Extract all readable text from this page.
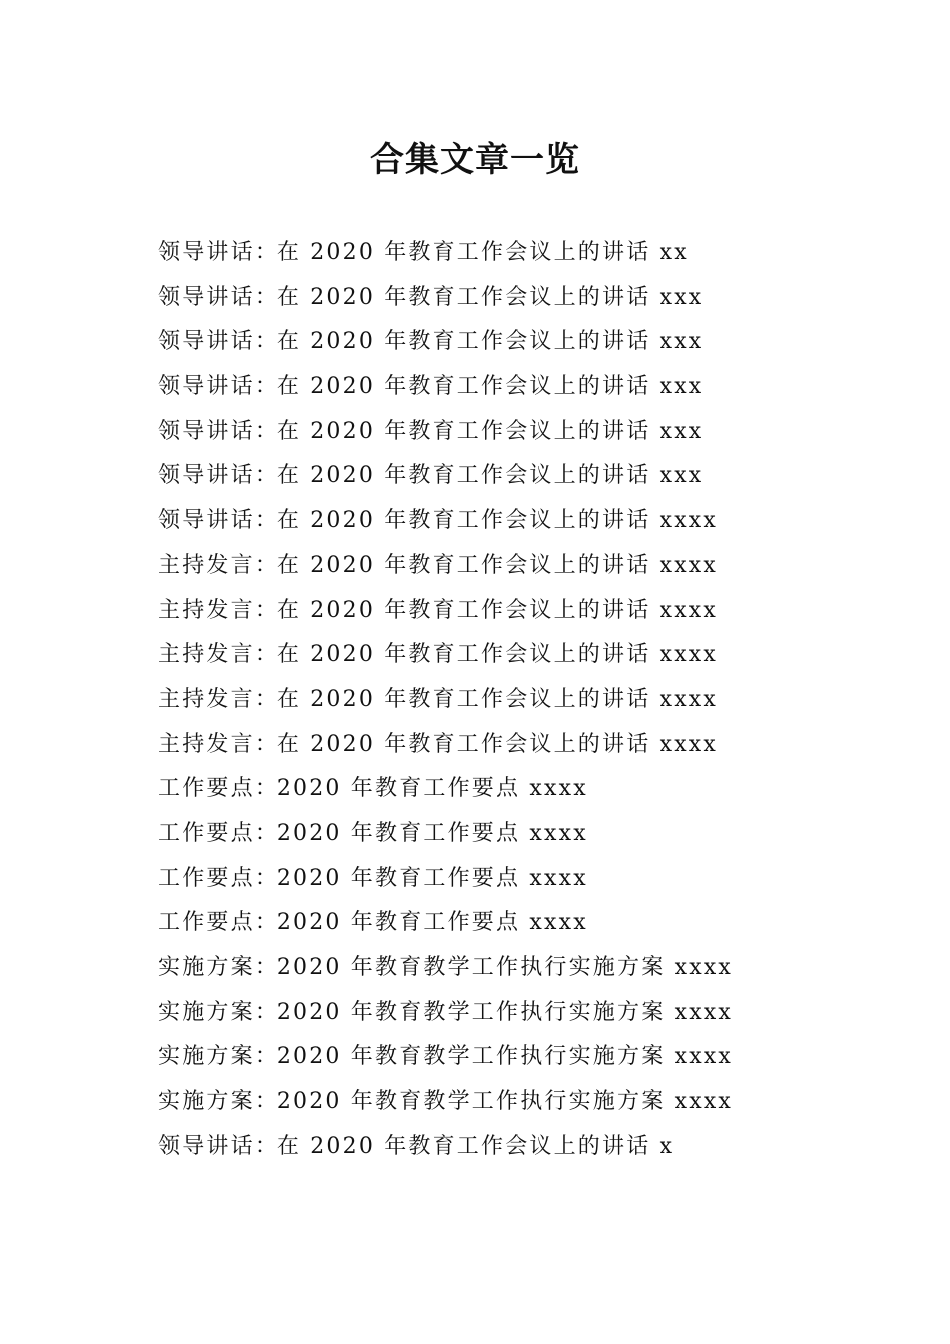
合集文章一览
领导讲话：在 2020 年教育工作会议上的讲话 xx
领导讲话：在 2020 年教育工作会议上的讲话 xxx
领导讲话：在 2020 年教育工作会议上的讲话 xxx
领导讲话：在 2020 年教育工作会议上的讲话 xxx
领导讲话：在 2020 年教育工作会议上的讲话 xxx
领导讲话：在 2020 年教育工作会议上的讲话 xxx
领导讲话：在 2020 年教育工作会议上的讲话 xxxx
主持发言：在 2020 年教育工作会议上的讲话 xxxx
主持发言：在 2020 年教育工作会议上的讲话 xxxx
主持发言：在 2020 年教育工作会议上的讲话 xxxx
主持发言：在 2020 年教育工作会议上的讲话 xxxx
主持发言：在 2020 年教育工作会议上的讲话 xxxx
工作要点：2020 年教育工作要点 xxxx
工作要点：2020 年教育工作要点 xxxx
工作要点：2020 年教育工作要点 xxxx
工作要点：2020 年教育工作要点 xxxx
实施方案：2020 年教育教学工作执行实施方案 xxxx
实施方案：2020 年教育教学工作执行实施方案 xxxx
实施方案：2020 年教育教学工作执行实施方案 xxxx
实施方案：2020 年教育教学工作执行实施方案 xxxx
领导讲话：在 2020 年教育工作会议上的讲话 x
